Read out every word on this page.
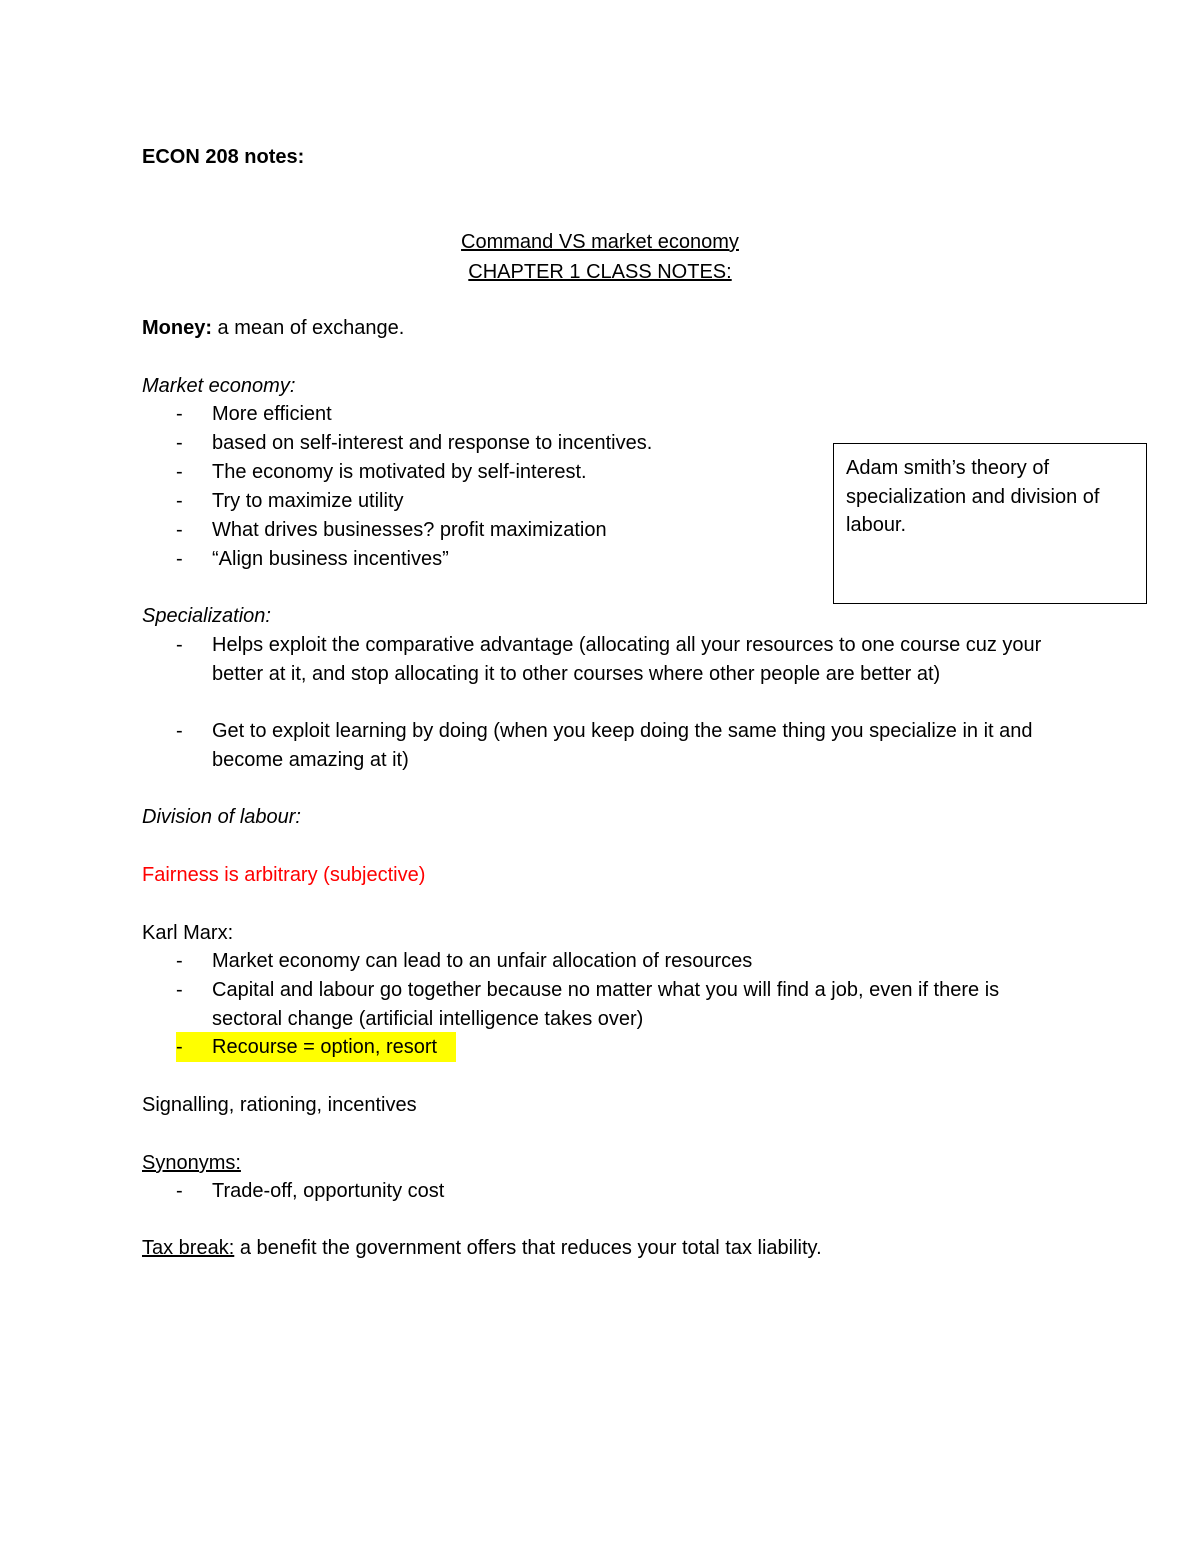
ECON 208 notes:
Command VS market economy
CHAPTER 1 CLASS NOTES:
Money: a mean of exchange.
Market economy:
- More efficient
- based on self-interest and response to incentives.
- The economy is motivated by self-interest.
- Try to maximize utility
- What drives businesses? profit maximization
- “Align business incentives”
Adam smith’s theory of specialization and division of labour.
Specialization:
- Helps exploit the comparative advantage (allocating all your resources to one course cuz your better at it, and stop allocating it to other courses where other people are better at)
- Get to exploit learning by doing (when you keep doing the same thing you specialize in it and become amazing at it)
Division of labour:
Fairness is arbitrary (subjective)
Karl Marx:
- Market economy can lead to an unfair allocation of resources
- Capital and labour go together because no matter what you will find a job, even if there is sectoral change (artificial intelligence takes over)
- Recourse = option, resort
Signalling, rationing, incentives
Synonyms:
- Trade-off, opportunity cost
Tax break: a benefit the government offers that reduces your total tax liability.
